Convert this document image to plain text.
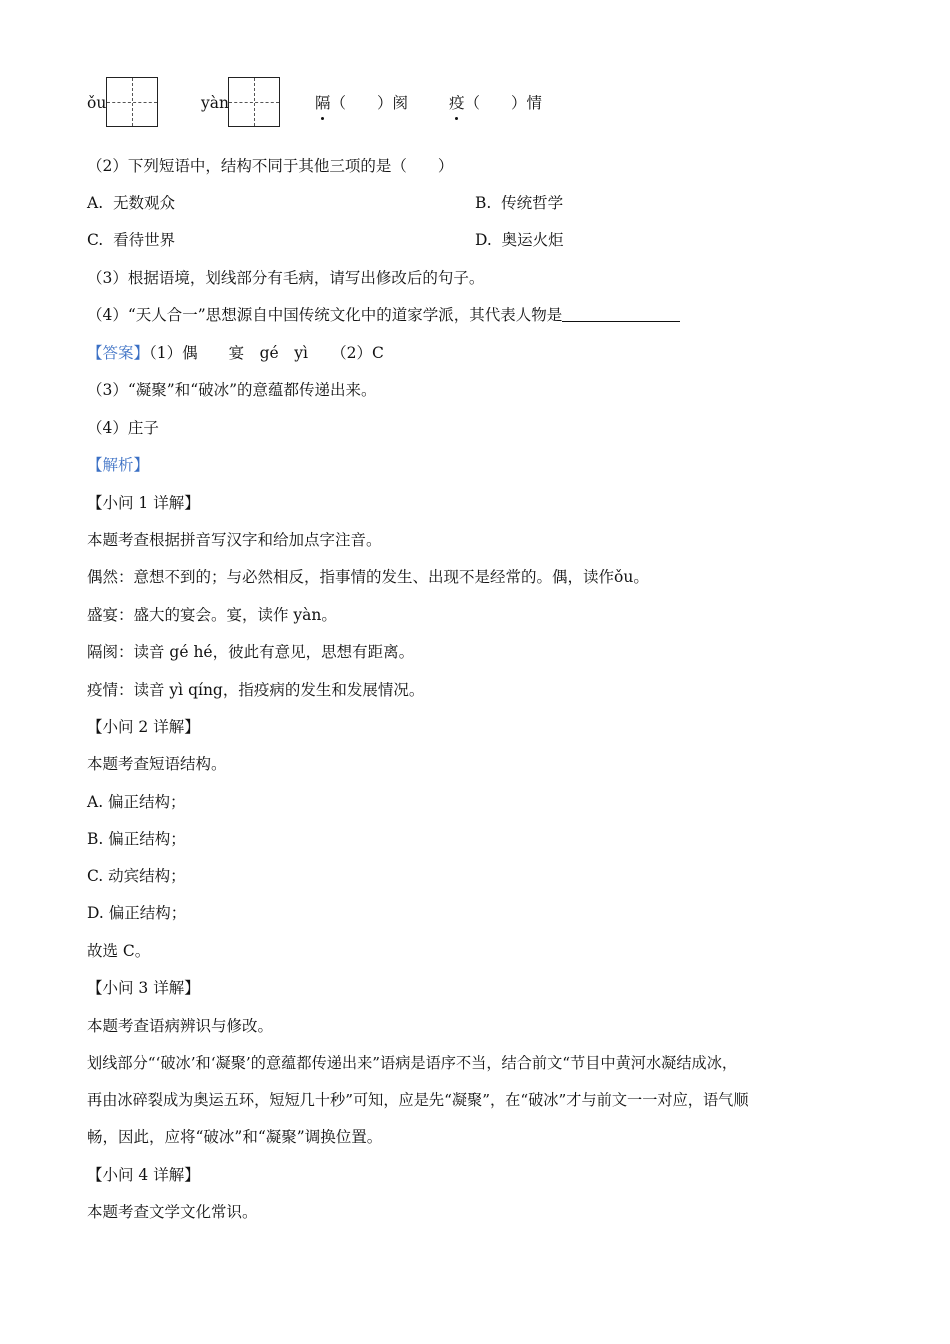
ǒu	yàn	隔（　　）阂	疫（　　）情
（2）下列短语中，结构不同于其他三项的是（　　）
A.  无数观众	B.  传统哲学
C.  看待世界	D.  奥运火炬
（3）根据语境，划线部分有毛病，请写出修改后的句子。
（4）“天人合一”思想源自中国传统文化中的道家学派，其代表人物是
【答案】（1）偶　　宴　gé　yì　　（2）C
（3）“凝聚”和“破冰”的意蕴都传递出来。
（4）庄子
【解析】
【小问 1 详解】
本题考查根据拼音写汉字和给加点字注音。
偶然：意想不到的；与必然相反，指事情的发生、出现不是经常的。偶，读作ǒu。
盛宴：盛大的宴会。宴，读作 yàn。
隔阂：读音 gé hé，彼此有意见，思想有距离。
疫情：读音 yì qíng，指疫病的发生和发展情况。
【小问 2 详解】
本题考查短语结构。
A. 偏正结构；
B. 偏正结构；
C. 动宾结构；
D. 偏正结构；
故选 C。
【小问 3 详解】
本题考查语病辨识与修改。
划线部分“‘破冰’和‘凝聚’的意蕴都传递出来”语病是语序不当，结合前文“节目中黄河水凝结成冰，
再由冰碎裂成为奥运五环，短短几十秒”可知，应是先“凝聚”，在“破冰”才与前文一一对应，语气顺
畅，因此，应将“破冰”和“凝聚”调换位置。
【小问 4 详解】
本题考查文学文化常识。
